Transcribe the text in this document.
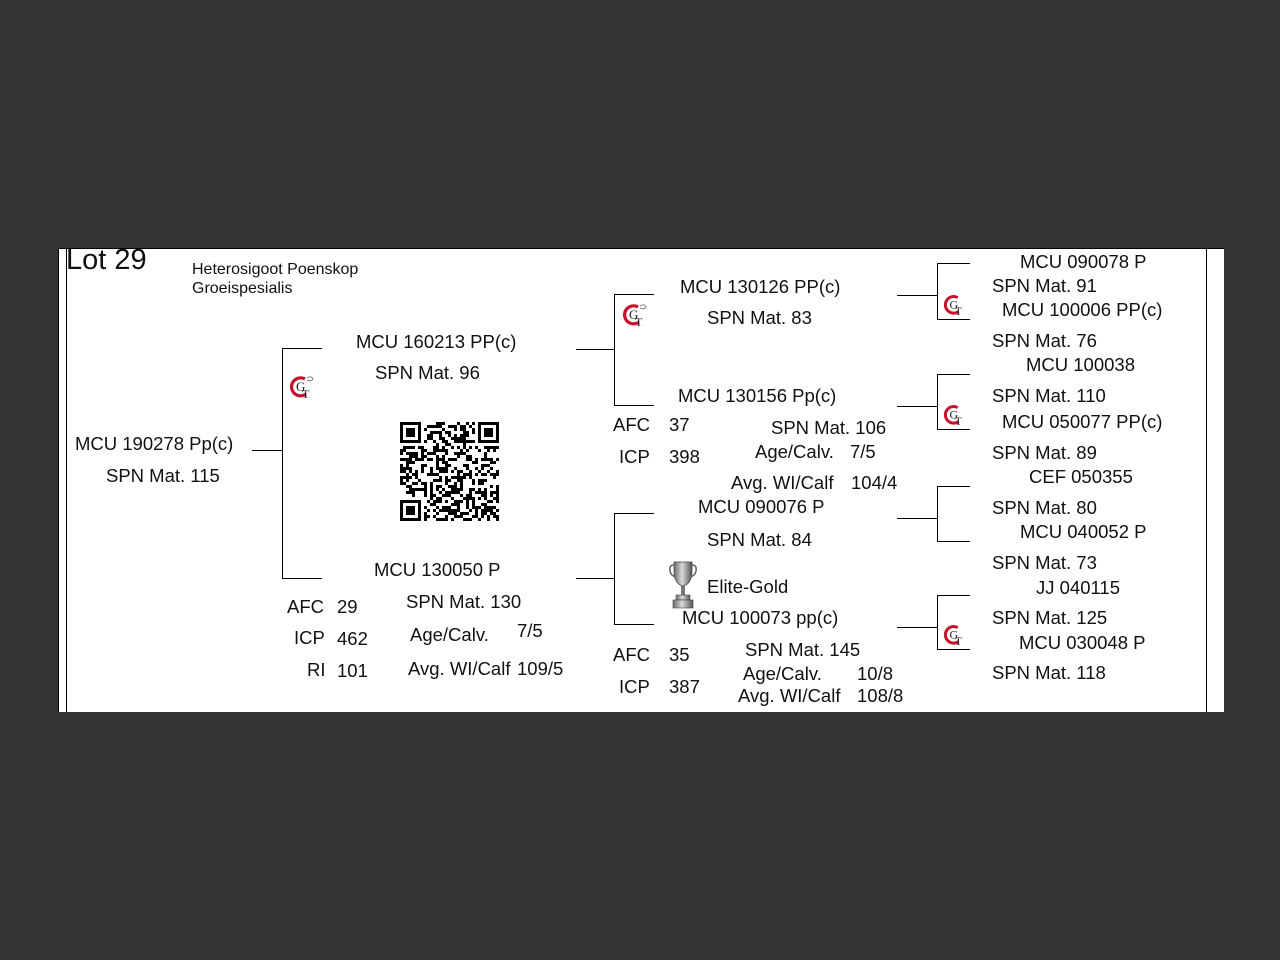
Lot 29	Heterosigoot Poenskop
Groeispesialis
MCU 190278 Pp(c)
SPN Mat. 115
G
T
MCU 160213 PP(c)
SPN Mat. 96
MCU 130050 P
SPN Mat. 130
Age/Calv. 7/5
Avg. WI/Calf 109/5
AFC 29
ICP 462
RI 101
G
T
MCU 130126 PP(c)
SPN Mat. 83
MCU 130156 Pp(c)
SPN Mat. 106
Age/Calv. 7/5
Avg. WI/Calf 104/4
AFC 37
ICP 398
MCU 090076 P
SPN Mat. 84
Elite-Gold
MCU 100073 pp(c)
SPN Mat. 145
Age/Calv. 10/8
Avg. WI/Calf 108/8
AFC 35
ICP 387
G
T
G
T
G
T
MCU 090078 P
SPN Mat. 91
MCU 100006 PP(c)
SPN Mat. 76
MCU 100038
SPN Mat. 110
MCU 050077 PP(c)
SPN Mat. 89
CEF 050355
SPN Mat. 80
MCU 040052 P
SPN Mat. 73
JJ 040115
SPN Mat. 125
MCU 030048 P
SPN Mat. 118
